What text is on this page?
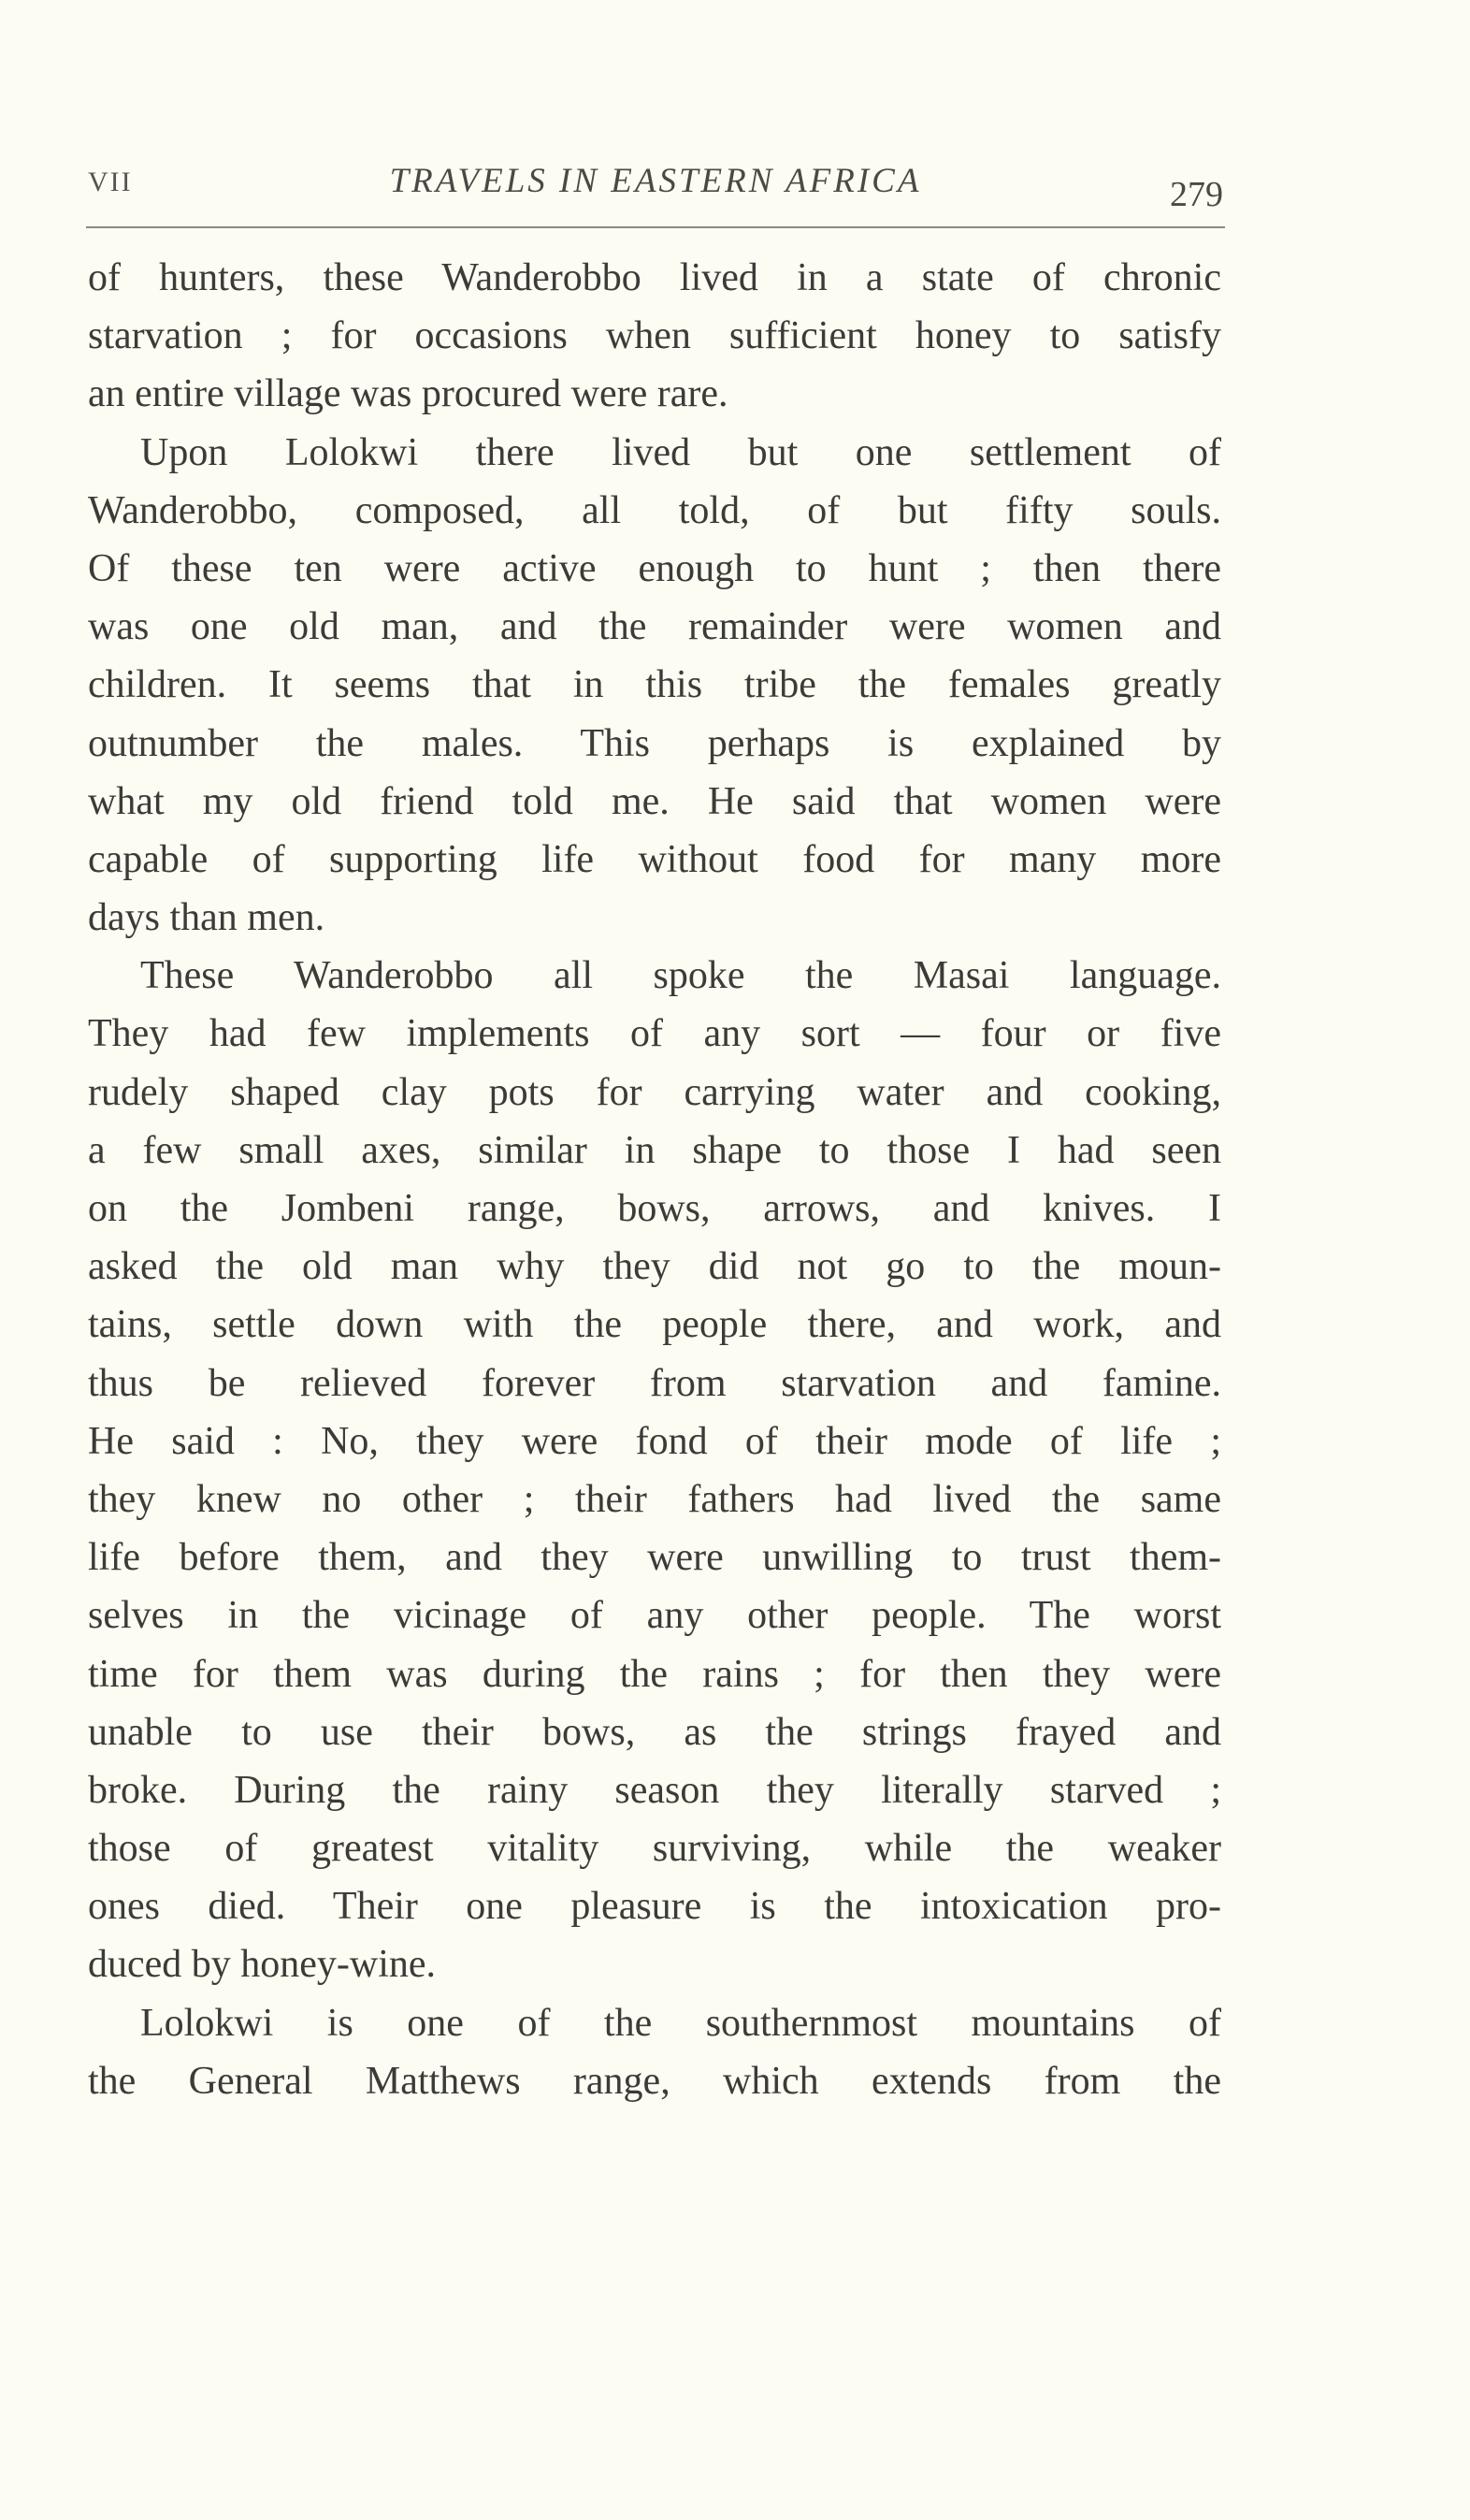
VII	TRAVELS IN EASTERN AFRICA	279
of hunters, these Wanderobbo lived in a state of chronic
starvation ; for occasions when sufficient honey to satisfy
an entire village was procured were rare.
Upon Lolokwi there lived but one settlement of
Wanderobbo, composed, all told, of but fifty souls.
Of these ten were active enough to hunt ; then there
was one old man, and the remainder were women and
children. It seems that in this tribe the females greatly
outnumber the males. This perhaps is explained by
what my old friend told me. He said that women were
capable of supporting life without food for many more
days than men.
These Wanderobbo all spoke the Masai language.
They had few implements of any sort — four or five
rudely shaped clay pots for carrying water and cooking,
a few small axes, similar in shape to those I had seen
on the Jombeni range, bows, arrows, and knives. I
asked the old man why they did not go to the moun-
tains, settle down with the people there, and work, and
thus be relieved forever from starvation and famine.
He said : No, they were fond of their mode of life ;
they knew no other ; their fathers had lived the same
life before them, and they were unwilling to trust them-
selves in the vicinage of any other people. The worst
time for them was during the rains ; for then they were
unable to use their bows, as the strings frayed and
broke. During the rainy season they literally starved ;
those of greatest vitality surviving, while the weaker
ones died. Their one pleasure is the intoxication pro-
duced by honey-wine.
Lolokwi is one of the southernmost mountains of
the General Matthews range, which extends from the
